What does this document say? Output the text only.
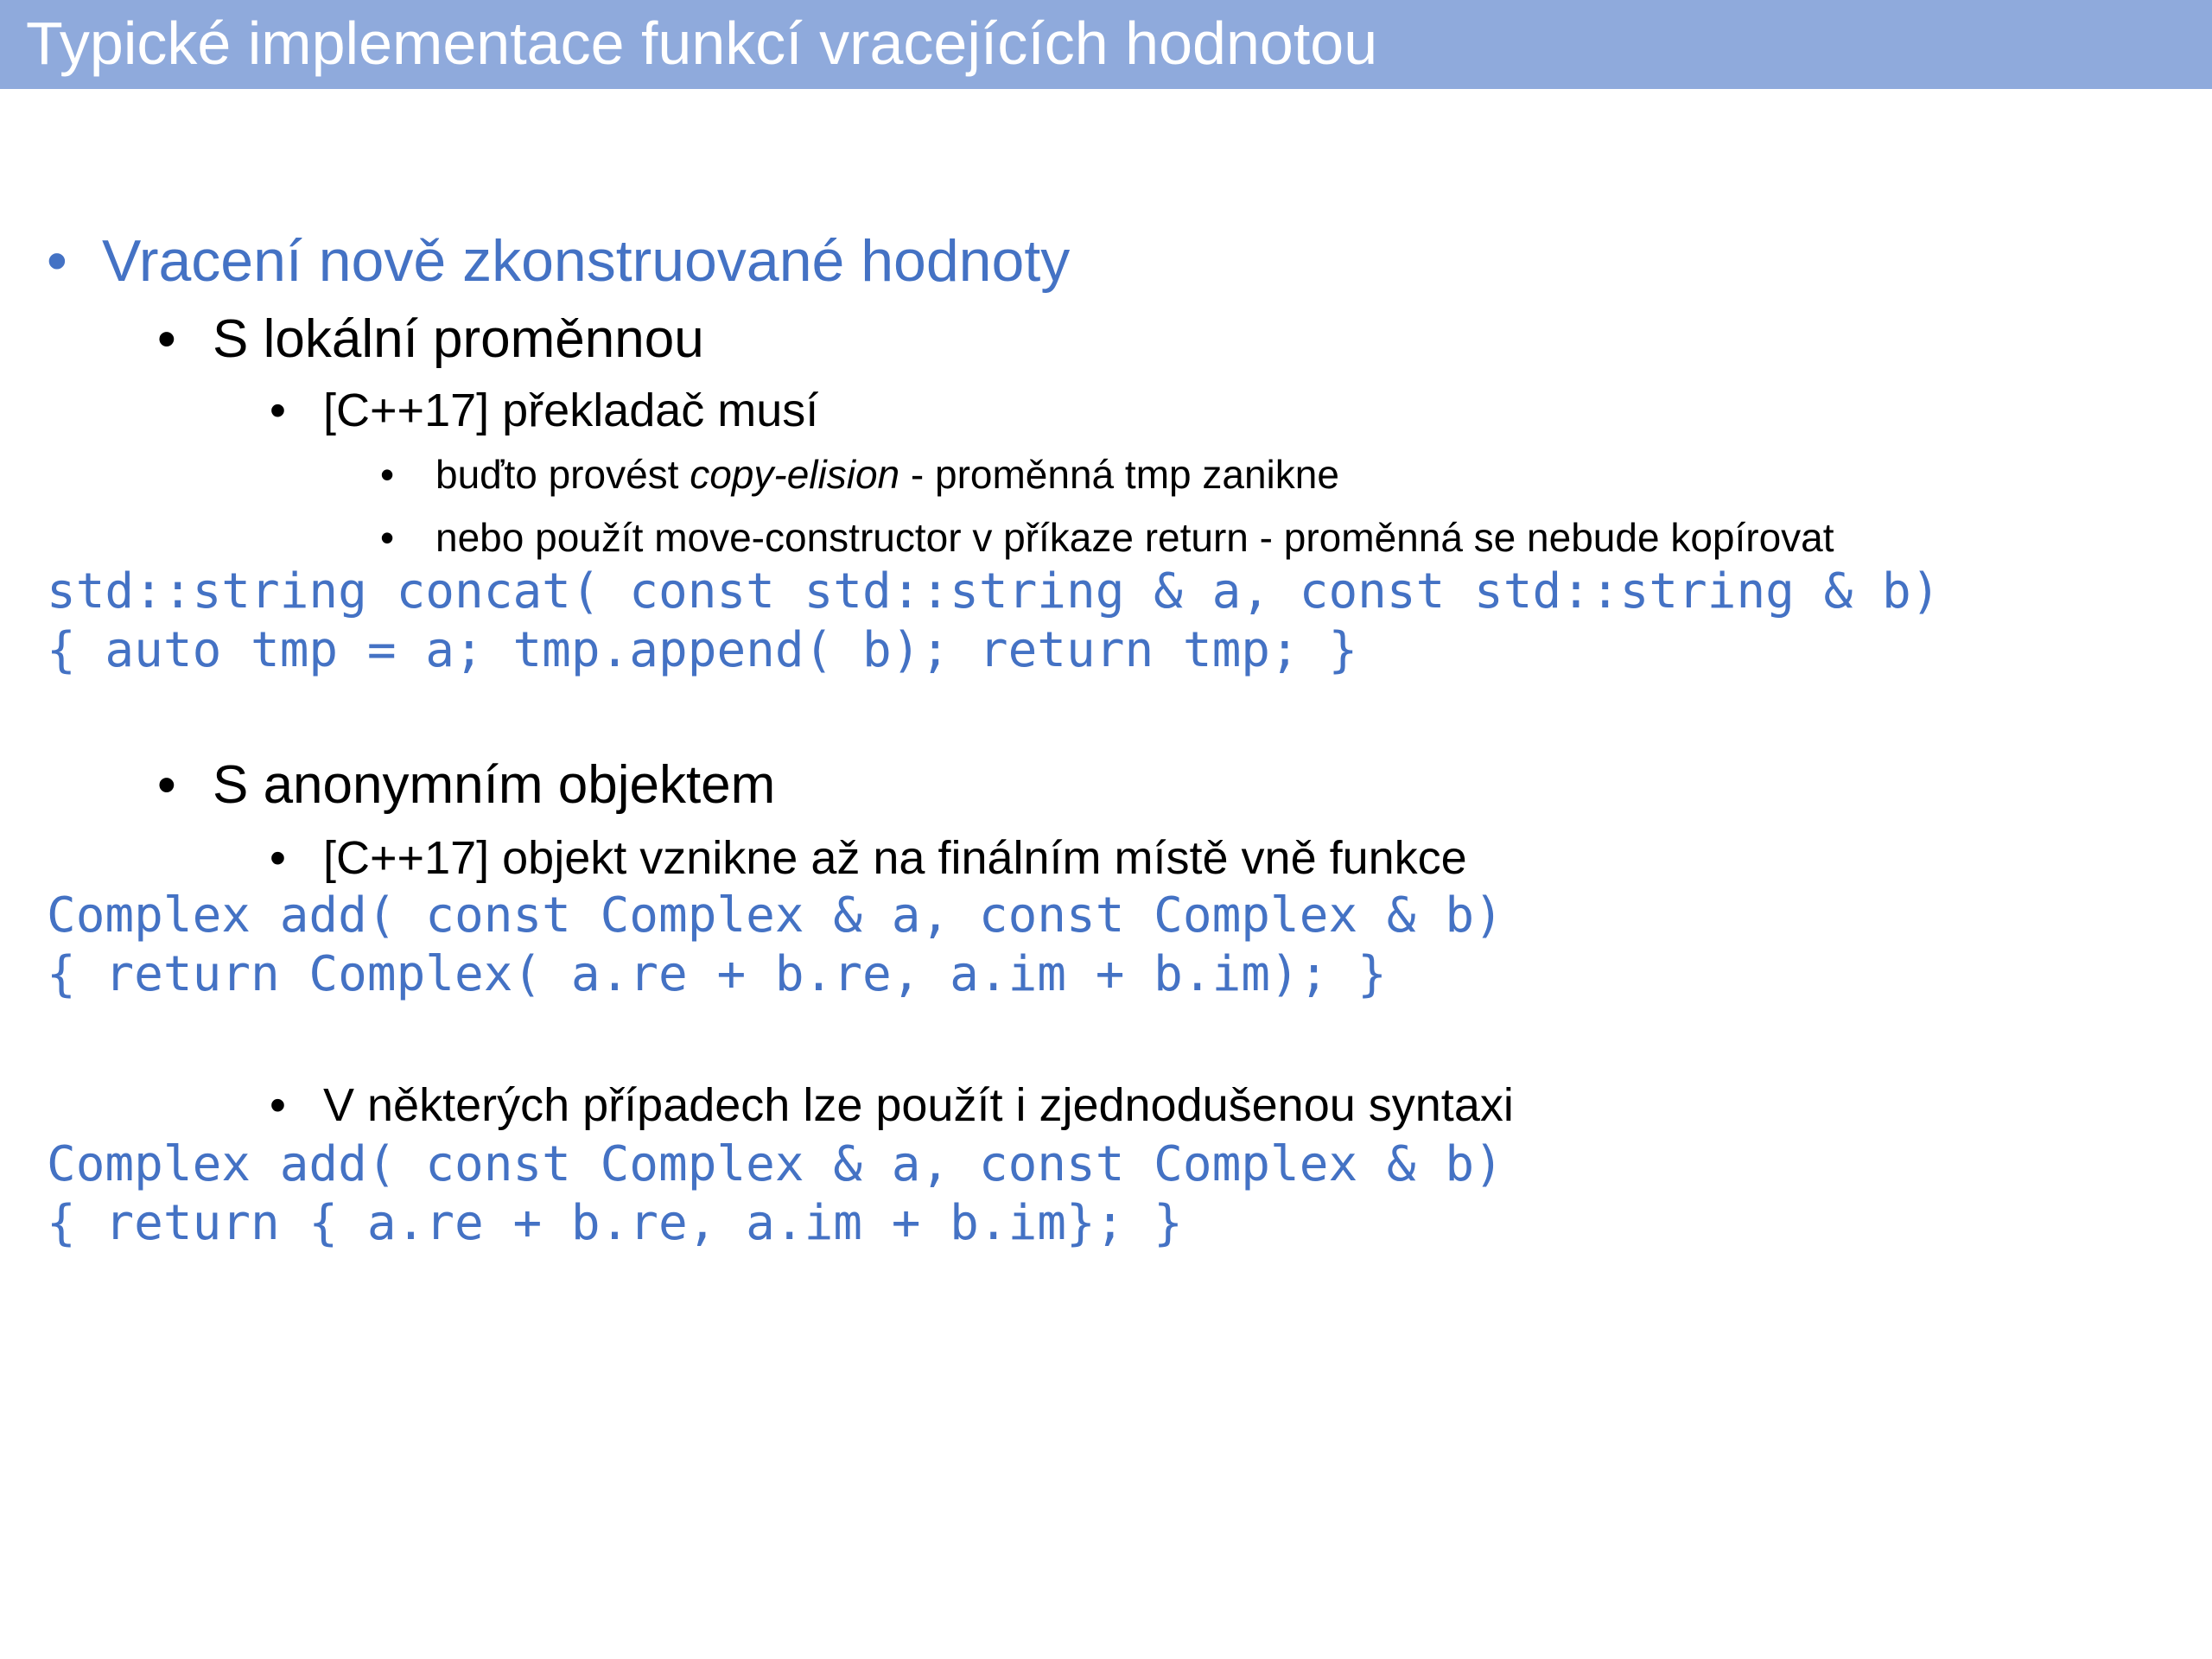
Typické implementace funkcí vracejících hodnotou
• Vracení nově zkonstruované hodnoty
• S lokální proměnnou
• [C++17] překladač musí
• buďto provést copy-elision - proměnná tmp zanikne
• nebo použít move-constructor v příkaze return - proměnná se nebude kopírovat
std::string concat( const std::string & a, const std::string & b)
{ auto tmp = a; tmp.append( b); return tmp; }
• S anonymním objektem
• [C++17] objekt vznikne až na finálním místě vně funkce
Complex add( const Complex & a, const Complex & b)
{ return Complex( a.re + b.re, a.im + b.im); }
• V některých případech lze použít i zjednodušenou syntaxi
Complex add( const Complex & a, const Complex & b)
{ return { a.re + b.re, a.im + b.im}; }
